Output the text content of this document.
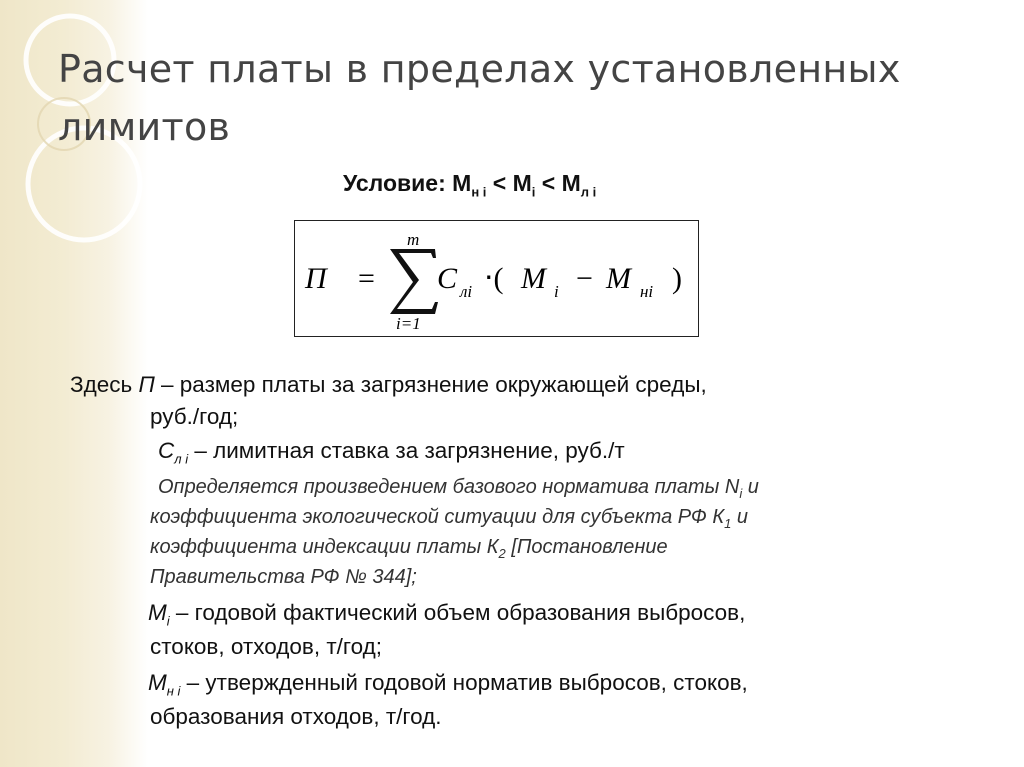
Расчет платы в пределах установленных лимитов
Условие: $М_{н i} < М_i < М_{л i}$
П =
m
i=1
C лi ⋅( M i − M нi )
Здесь П – размер платы за загрязнение окружающей среды,
руб./год;
$С_{л i}$ – лимитная ставка за загрязнение, руб./т
Определяется произведением базового норматива платы $N_i$ и
коэффициента экологической ситуации для субъекта РФ $К_1$ и
коэффициента индексации платы $К_2$ [Постановление
Правительства РФ № 344];
$М_i$ – годовой фактический объем образования выбросов,
стоков, отходов, т/год;
$М_{н i}$ – утвержденный годовой норматив выбросов, стоков,
образования отходов, т/год.
